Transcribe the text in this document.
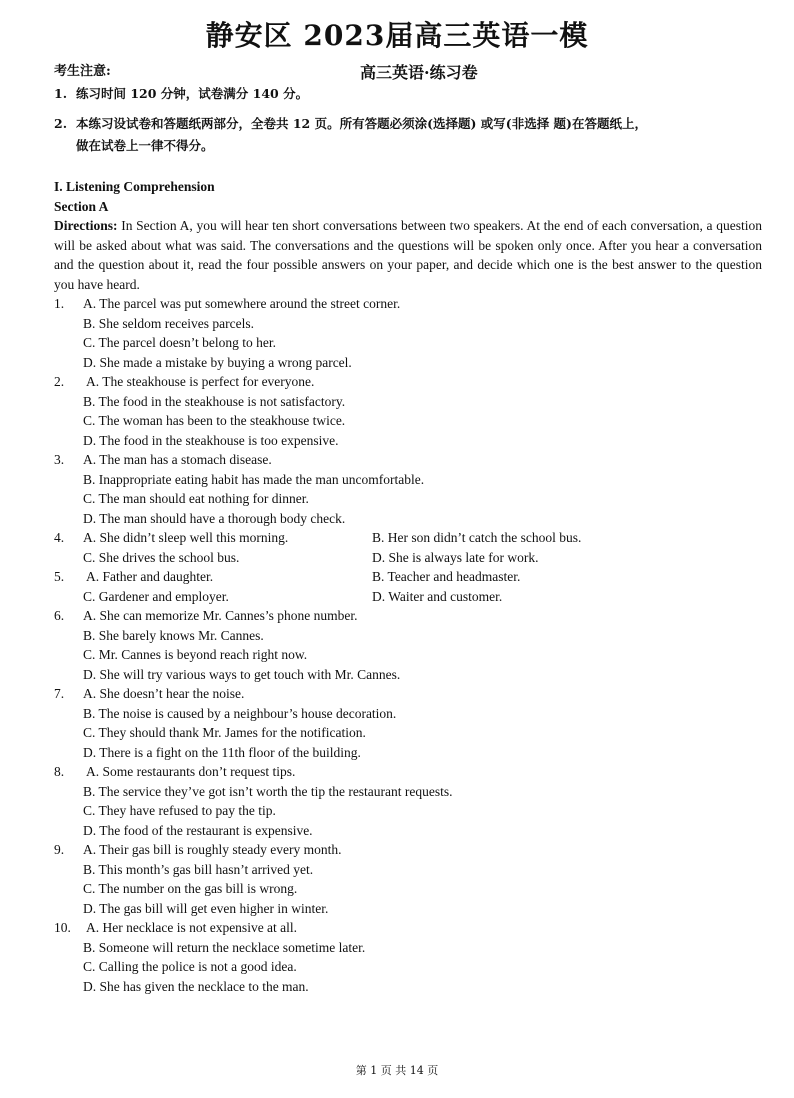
静安区 2023届高三英语一模
考生注意:	高三英语·练习卷
1. 练习时间 120 分钟，试卷满分 140 分。
2. 本练习设试卷和答题纸两部分，全卷共 12 页。所有答题必须涂(选择题) 或写(非选择 题)在答题纸上，
做在试卷上一律不得分。
I. Listening Comprehension
Section A
Directions: In Section A, you will hear ten short conversations between two speakers. At the end of each conversation, a question will be asked about what was said. The conversations and the questions will be spoken only once. After you hear a conversation and the question about it, read the four possible answers on your paper, and decide which one is the best answer to the question you have heard.
1. A. The parcel was put somewhere around the street corner.
B. She seldom receives parcels.
C. The parcel doesn’t belong to her.
D. She made a mistake by buying a wrong parcel.
2. A. The steakhouse is perfect for everyone.
B. The food in the steakhouse is not satisfactory.
C. The woman has been to the steakhouse twice.
D. The food in the steakhouse is too expensive.
3. A. The man has a stomach disease.
B. Inappropriate eating habit has made the man uncomfortable.
C. The man should eat nothing for dinner.
D. The man should have a thorough body check.
4. A. She didn’t sleep well this morning.	B. Her son didn’t catch the school bus.
C. She drives the school bus.	D. She is always late for work.
5. A. Father and daughter.	B. Teacher and headmaster.
C. Gardener and employer.	D. Waiter and customer.
6. A. She can memorize Mr. Cannes’s phone number.
B. She barely knows Mr. Cannes.
C. Mr. Cannes is beyond reach right now.
D. She will try various ways to get touch with Mr. Cannes.
7. A. She doesn’t hear the noise.
B. The noise is caused by a neighbour’s house decoration.
C. They should thank Mr. James for the notification.
D. There is a fight on the 11th floor of the building.
8. A. Some restaurants don’t request tips.
B. The service they’ve got isn’t worth the tip the restaurant requests.
C. They have refused to pay the tip.
D. The food of the restaurant is expensive.
9. A. Their gas bill is roughly steady every month.
B. This month’s gas bill hasn’t arrived yet.
C. The number on the gas bill is wrong.
D. The gas bill will get even higher in winter.
10. A. Her necklace is not expensive at all.
B. Someone will return the necklace sometime later.
C. Calling the police is not a good idea.
D. She has given the necklace to the man.
第 1 页 共 14 页
